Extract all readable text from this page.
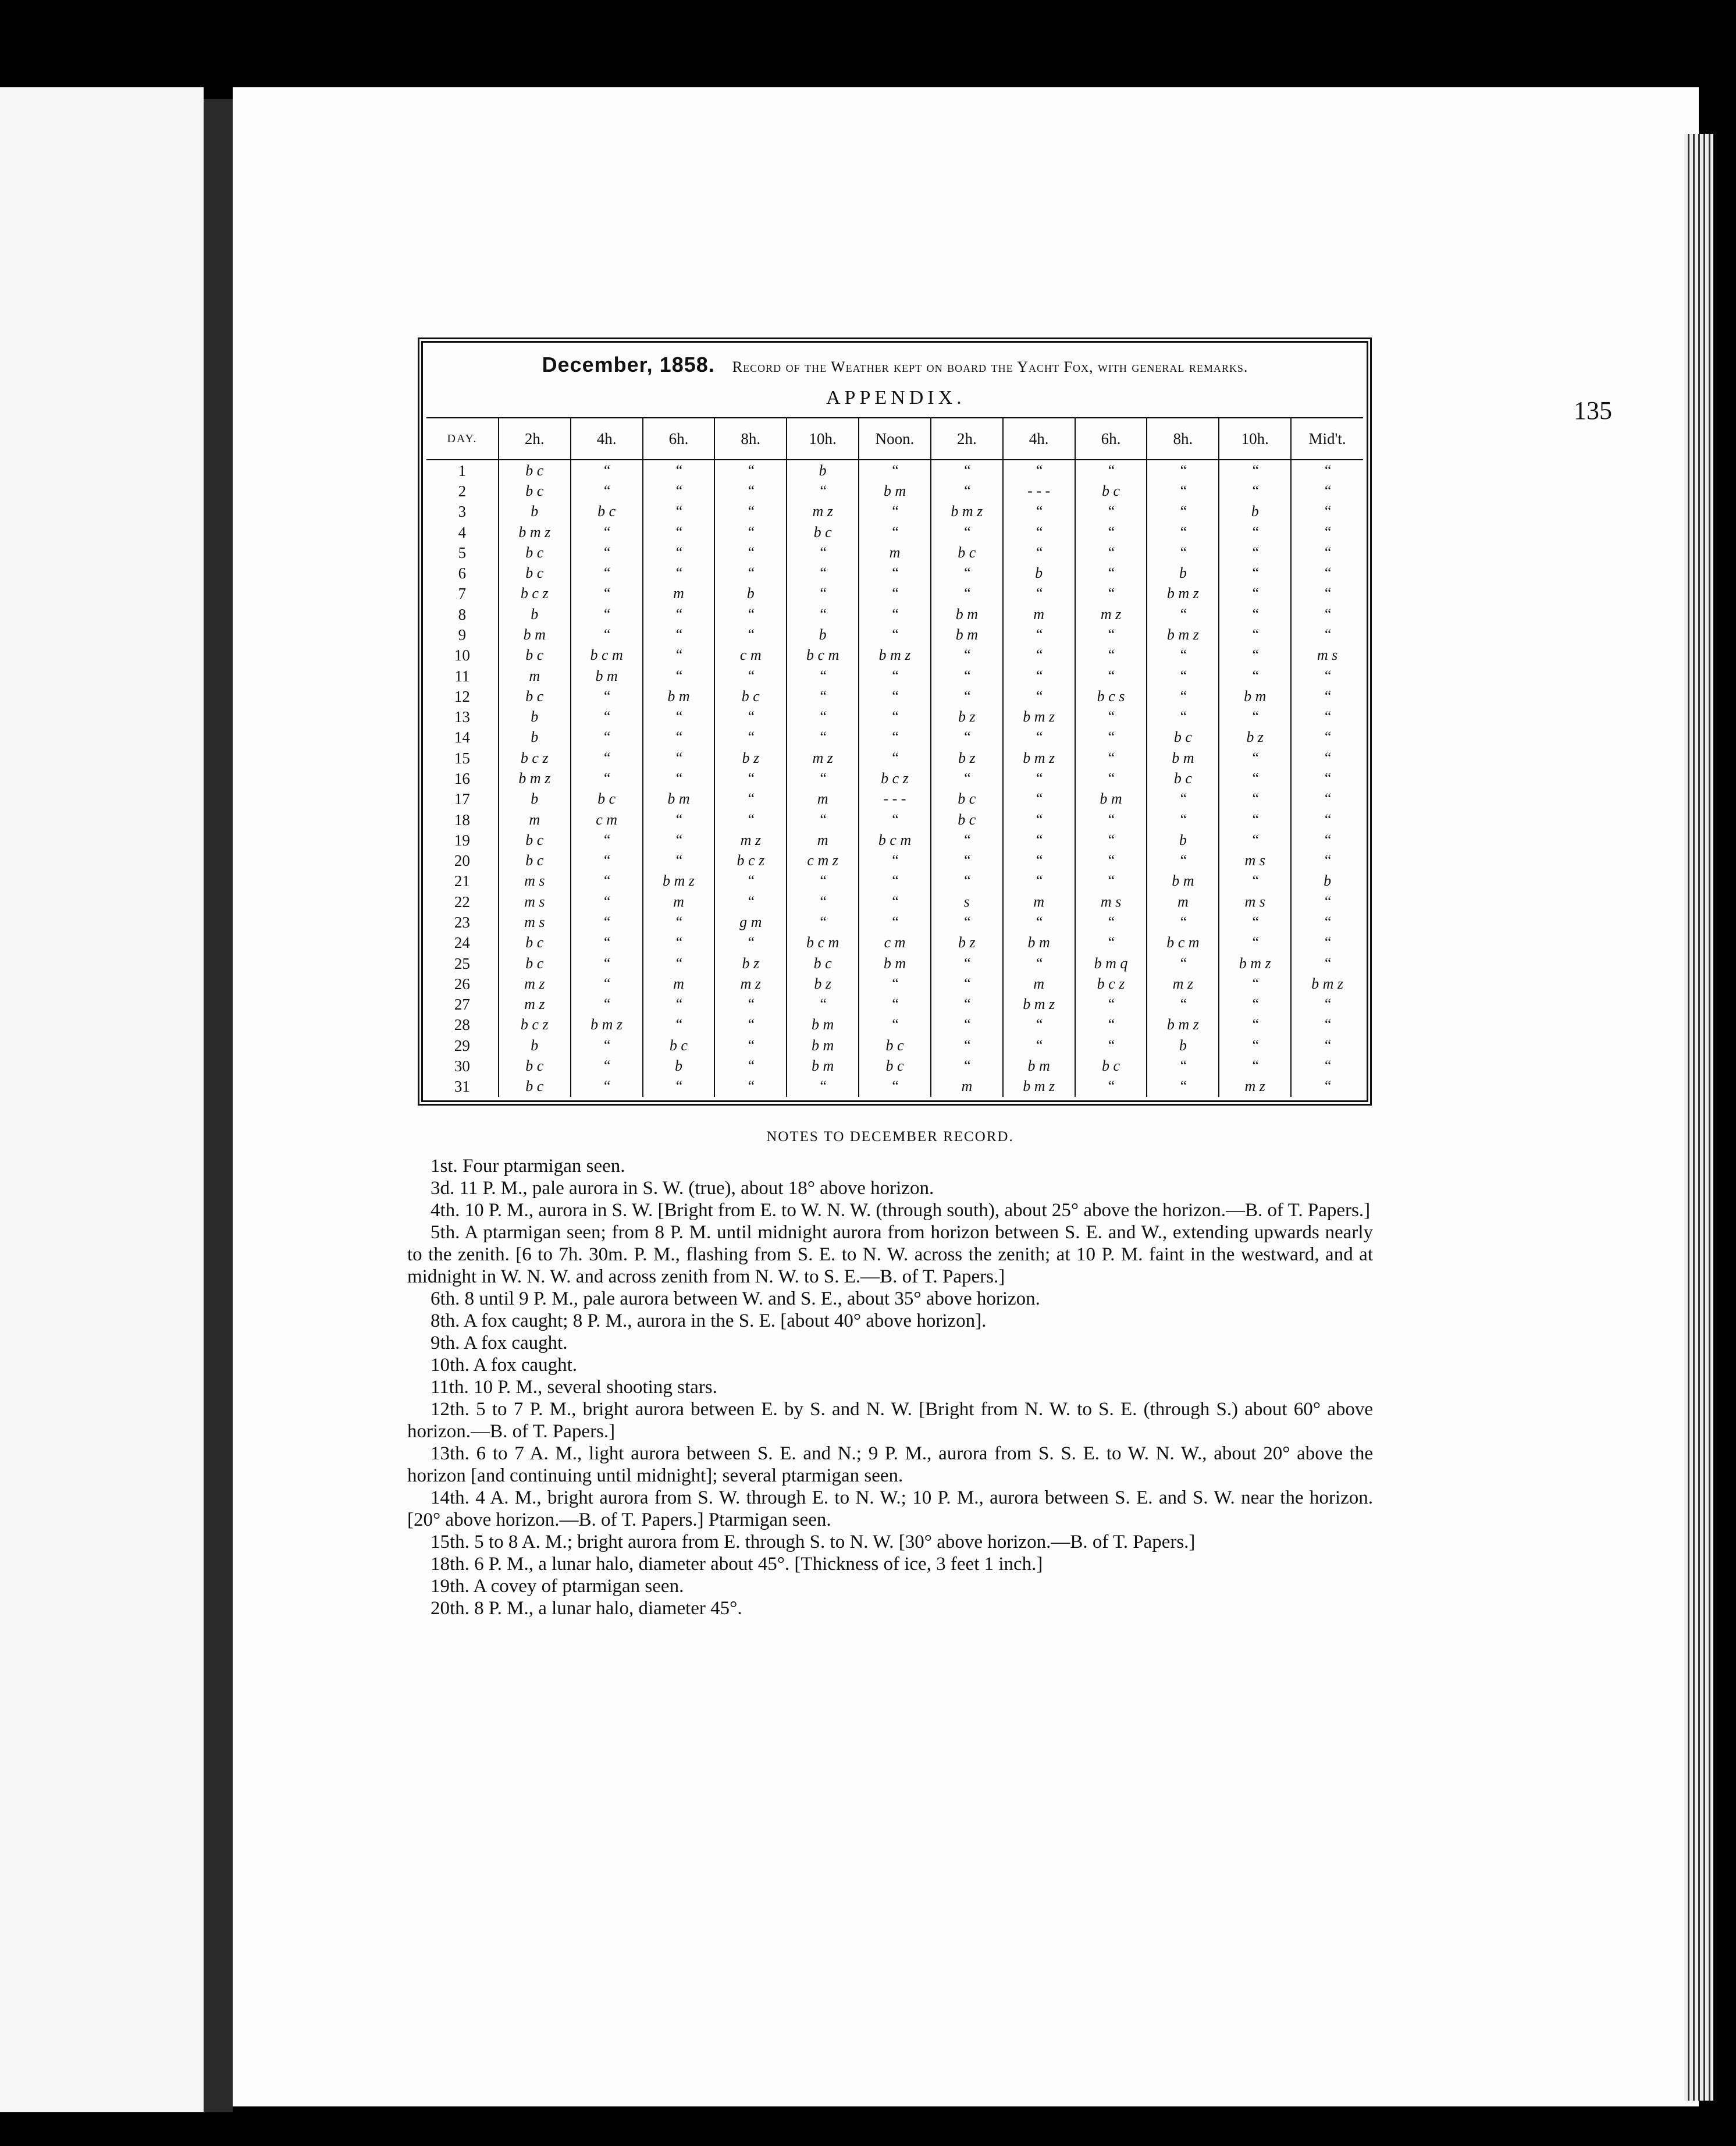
APPENDIX.	135
December, 1858. Record of the Weather kept on board the Yacht Fox, with general remarks.
DAY.	2h.	4h.	6h.	8h.	10h.	Noon.	2h.	4h.	6h.	8h.	10h.	Mid't.
1	b c	“	“	“	b	“	“	“	“	“	“	“
2	b c	“	“	“	“	b m	“	- - -	b c	“	“	“
3	b	b c	“	“	m z	“	b m z	“	“	“	b	“
4	b m z	“	“	“	b c	“	“	“	“	“	“	“
5	b c	“	“	“	“	m	b c	“	“	“	“	“
6	b c	“	“	“	“	“	“	b	“	b	“	“
7	b c z	“	m	b	“	“	“	“	“	b m z	“	“
8	b	“	“	“	“	“	b m	m	m z	“	“	“
9	b m	“	“	“	b	“	b m	“	“	b m z	“	“
10	b c	b c m	“	c m	b c m	b m z	“	“	“	“	“	m s
11	m	b m	“	“	“	“	“	“	“	“	“	“
12	b c	“	b m	b c	“	“	“	“	b c s	“	b m	“
13	b	“	“	“	“	“	b z	b m z	“	“	“	“
14	b	“	“	“	“	“	“	“	“	b c	b z	“
15	b c z	“	“	b z	m z	“	b z	b m z	“	b m	“	“
16	b m z	“	“	“	“	b c z	“	“	“	b c	“	“
17	b	b c	b m	“	m	- - -	b c	“	b m	“	“	“
18	m	c m	“	“	“	“	b c	“	“	“	“	“
19	b c	“	“	m z	m	b c m	“	“	“	b	“	“
20	b c	“	“	b c z	c m z	“	“	“	“	“	m s	“
21	m s	“	b m z	“	“	“	“	“	“	b m	“	b
22	m s	“	m	“	“	“	s	m	m s	m	m s	“
23	m s	“	“	g m	“	“	“	“	“	“	“	“
24	b c	“	“	“	b c m	c m	b z	b m	“	b c m	“	“
25	b c	“	“	b z	b c	b m	“	“	b m q	“	b m z	“
26	m z	“	m	m z	b z	“	“	m	b c z	m z	“	b m z
27	m z	“	“	“	“	“	“	b m z	“	“	“	“
28	b c z	b m z	“	“	b m	“	“	“	“	b m z	“	“
29	b	“	b c	“	b m	b c	“	“	“	b	“	“
30	b c	“	b	“	b m	b c	“	b m	b c	“	“	“
31	b c	“	“	“	“	“	m	b m z	“	“	m z	“

NOTES TO DECEMBER RECORD.

1st. Four ptarmigan seen.

3d. 11 P. M., pale aurora in S. W. (true), about 18° above horizon.

4th. 10 P. M., aurora in S. W. [Bright from E. to W. N. W. (through south), about 25° above the horizon.—B. of T. Papers.]

5th. A ptarmigan seen; from 8 P. M. until midnight aurora from horizon between S. E. and W., extending upwards nearly to the zenith. [6 to 7h. 30m. P. M., flashing from S. E. to N. W. across the zenith; at 10 P. M. faint in the westward, and at midnight in W. N. W. and across zenith from N. W. to S. E.—B. of T. Papers.]

6th. 8 until 9 P. M., pale aurora between W. and S. E., about 35° above horizon.

8th. A fox caught; 8 P. M., aurora in the S. E. [about 40° above horizon].

9th. A fox caught.

10th. A fox caught.

11th. 10 P. M., several shooting stars.

12th. 5 to 7 P. M., bright aurora between E. by S. and N. W. [Bright from N. W. to S. E. (through S.) about 60° above horizon.—B. of T. Papers.]

13th. 6 to 7 A. M., light aurora between S. E. and N.; 9 P. M., aurora from S. S. E. to W. N. W., about 20° above the horizon [and continuing until midnight]; several ptarmigan seen.

14th. 4 A. M., bright aurora from S. W. through E. to N. W.; 10 P. M., aurora between S. E. and S. W. near the horizon. [20° above horizon.—B. of T. Papers.] Ptarmigan seen.

15th. 5 to 8 A. M.; bright aurora from E. through S. to N. W. [30° above horizon.—B. of T. Papers.]

18th. 6 P. M., a lunar halo, diameter about 45°. [Thickness of ice, 3 feet 1 inch.]

19th. A covey of ptarmigan seen.

20th. 8 P. M., a lunar halo, diameter 45°.
